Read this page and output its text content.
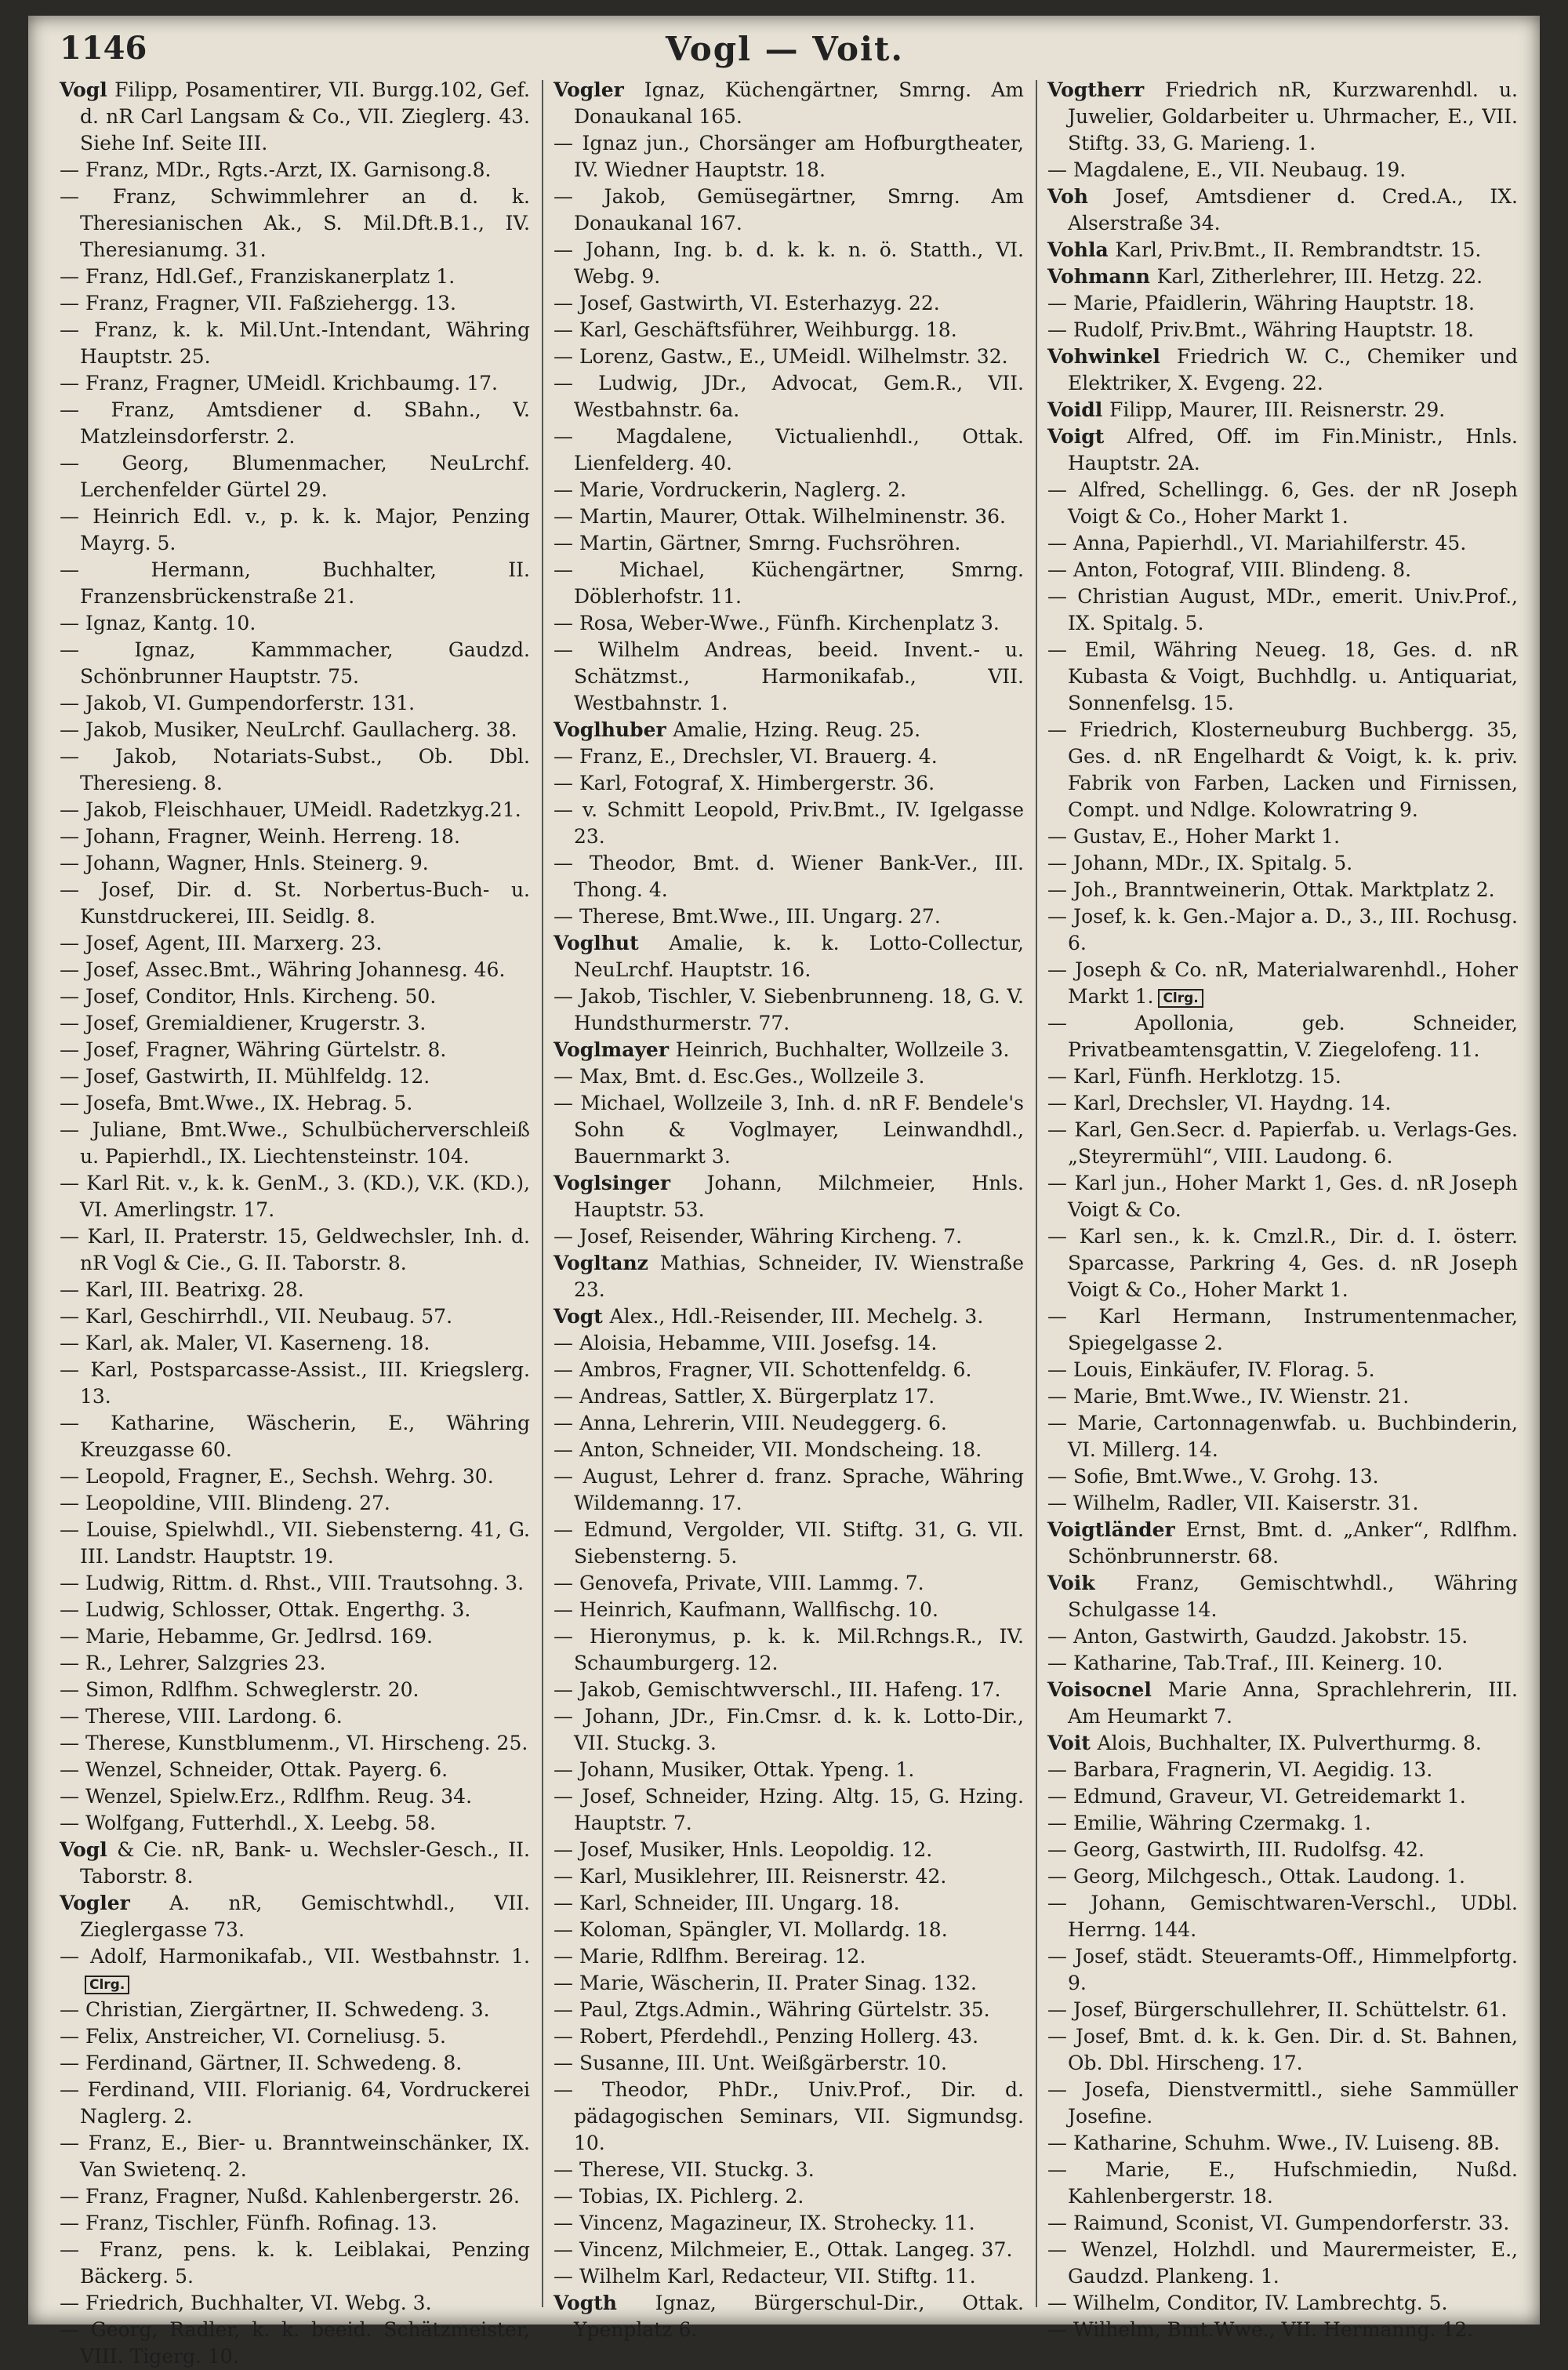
1146	Vogl — Voit.
Vogl Filipp, Posamentirer, VII. Burgg.102, Gef. d. nR Carl Langsam & Co., VII. Zieglerg. 43. Siehe Inf. Seite III.
— Franz, MDr., Rgts.-Arzt, IX. Garnisong.8.
— Franz, Schwimmlehrer an d. k. Theresianischen Ak., S. Mil.Dft.B.1., IV. Theresianumg. 31.
— Franz, Hdl.Gef., Franziskanerplatz 1.
— Franz, Fragner, VII. Faßziehergg. 13.
— Franz, k. k. Mil.Unt.-Intendant, Währing Hauptstr. 25.
— Franz, Fragner, UMeidl. Krichbaumg. 17.
— Franz, Amtsdiener d. SBahn., V. Matzleinsdorferstr. 2.
— Georg, Blumenmacher, NeuLrchf. Lerchenfelder Gürtel 29.
— Heinrich Edl. v., p. k. k. Major, Penzing Mayrg. 5.
— Hermann, Buchhalter, II. Franzensbrückenstraße 21.
— Ignaz, Kantg. 10.
— Ignaz, Kammmacher, Gaudzd. Schönbrunner Hauptstr. 75.
— Jakob, VI. Gumpendorferstr. 131.
— Jakob, Musiker, NeuLrchf. Gaullacherg. 38.
— Jakob, Notariats-Subst., Ob. Dbl. Theresieng. 8.
— Jakob, Fleischhauer, UMeidl. Radetzkyg.21.
— Johann, Fragner, Weinh. Herreng. 18.
— Johann, Wagner, Hnls. Steinerg. 9.
— Josef, Dir. d. St. Norbertus-Buch- u. Kunstdruckerei, III. Seidlg. 8.
— Josef, Agent, III. Marxerg. 23.
— Josef, Assec.Bmt., Währing Johannesg. 46.
— Josef, Conditor, Hnls. Kircheng. 50.
— Josef, Gremialdiener, Krugerstr. 3.
— Josef, Fragner, Währing Gürtelstr. 8.
— Josef, Gastwirth, II. Mühlfeldg. 12.
— Josefa, Bmt.Wwe., IX. Hebrag. 5.
— Juliane, Bmt.Wwe., Schulbücherverschleiß u. Papierhdl., IX. Liechtensteinstr. 104.
— Karl Rit. v., k. k. GenM., 3. (KD.), V.K. (KD.), VI. Amerlingstr. 17.
— Karl, II. Praterstr. 15, Geldwechsler, Inh. d. nR Vogl & Cie., G. II. Taborstr. 8.
— Karl, III. Beatrixg. 28.
— Karl, Geschirrhdl., VII. Neubaug. 57.
— Karl, ak. Maler, VI. Kaserneng. 18.
— Karl, Postsparcasse-Assist., III. Kriegslerg. 13.
— Katharine, Wäscherin, E., Währing Kreuzgasse 60.
— Leopold, Fragner, E., Sechsh. Wehrg. 30.
— Leopoldine, VIII. Blindeng. 27.
— Louise, Spielwhdl., VII. Siebensterng. 41, G. III. Landstr. Hauptstr. 19.
— Ludwig, Rittm. d. Rhst., VIII. Trautsohng. 3.
— Ludwig, Schlosser, Ottak. Engerthg. 3.
— Marie, Hebamme, Gr. Jedlrsd. 169.
— R., Lehrer, Salzgries 23.
— Simon, Rdlfhm. Schweglerstr. 20.
— Therese, VIII. Lardong. 6.
— Therese, Kunstblumenm., VI. Hirscheng. 25.
— Wenzel, Schneider, Ottak. Payerg. 6.
— Wenzel, Spielw.Erz., Rdlfhm. Reug. 34.
— Wolfgang, Futterhdl., X. Leebg. 58.
Vogl & Cie. nR, Bank- u. Wechsler-Gesch., II. Taborstr. 8.
Vogler A. nR, Gemischtwhdl., VII. Zieglergasse 73.
— Adolf, Harmonikafab., VII. Westbahnstr. 1.Clrg.
— Christian, Ziergärtner, II. Schwedeng. 3.
— Felix, Anstreicher, VI. Corneliusg. 5.
— Ferdinand, Gärtner, II. Schwedeng. 8.
— Ferdinand, VIII. Florianig. 64, Vordruckerei Naglerg. 2.
— Franz, E., Bier- u. Branntweinschänker, IX. Van Swietenq. 2.
— Franz, Fragner, Nußd. Kahlenbergerstr. 26.
— Franz, Tischler, Fünfh. Rofinag. 13.
— Franz, pens. k. k. Leiblakai, Penzing Bäckerg. 5.
— Friedrich, Buchhalter, VI. Webg. 3.
— Georg, Radler, k. k. beeid. Schätzmeister, VIII. Tigerg. 10.
Vogler Ignaz, Küchengärtner, Smrng. Am Donaukanal 165.
— Ignaz jun., Chorsänger am Hofburgtheater, IV. Wiedner Hauptstr. 18.
— Jakob, Gemüsegärtner, Smrng. Am Donaukanal 167.
— Johann, Ing. b. d. k. k. n. ö. Statth., VI. Webg. 9.
— Josef, Gastwirth, VI. Esterhazyg. 22.
— Karl, Geschäftsführer, Weihburgg. 18.
— Lorenz, Gastw., E., UMeidl. Wilhelmstr. 32.
— Ludwig, JDr., Advocat, Gem.R., VII. Westbahnstr. 6a.
— Magdalene, Victualienhdl., Ottak. Lienfelderg. 40.
— Marie, Vordruckerin, Naglerg. 2.
— Martin, Maurer, Ottak. Wilhelminenstr. 36.
— Martin, Gärtner, Smrng. Fuchsröhren.
— Michael, Küchengärtner, Smrng. Döblerhofstr. 11.
— Rosa, Weber-Wwe., Fünfh. Kirchenplatz 3.
— Wilhelm Andreas, beeid. Invent.- u. Schätzmst., Harmonikafab., VII. Westbahnstr. 1.
Voglhuber Amalie, Hzing. Reug. 25.
— Franz, E., Drechsler, VI. Brauerg. 4.
— Karl, Fotograf, X. Himbergerstr. 36.
— v. Schmitt Leopold, Priv.Bmt., IV. Igelgasse 23.
— Theodor, Bmt. d. Wiener Bank-Ver., III. Thong. 4.
— Therese, Bmt.Wwe., III. Ungarg. 27.
Voglhut Amalie, k. k. Lotto-Collectur, NeuLrchf. Hauptstr. 16.
— Jakob, Tischler, V. Siebenbrunneng. 18, G. V. Hundsthurmerstr. 77.
Voglmayer Heinrich, Buchhalter, Wollzeile 3.
— Max, Bmt. d. Esc.Ges., Wollzeile 3.
— Michael, Wollzeile 3, Inh. d. nR F. Bendele's Sohn & Voglmayer, Leinwandhdl., Bauernmarkt 3.
Voglsinger Johann, Milchmeier, Hnls. Hauptstr. 53.
— Josef, Reisender, Währing Kircheng. 7.
Vogltanz Mathias, Schneider, IV. Wienstraße 23.
Vogt Alex., Hdl.-Reisender, III. Mechelg. 3.
— Aloisia, Hebamme, VIII. Josefsg. 14.
— Ambros, Fragner, VII. Schottenfeldg. 6.
— Andreas, Sattler, X. Bürgerplatz 17.
— Anna, Lehrerin, VIII. Neudeggerg. 6.
— Anton, Schneider, VII. Mondscheing. 18.
— August, Lehrer d. franz. Sprache, Währing Wildemanng. 17.
— Edmund, Vergolder, VII. Stiftg. 31, G. VII. Siebensterng. 5.
— Genovefa, Private, VIII. Lammg. 7.
— Heinrich, Kaufmann, Wallfischg. 10.
— Hieronymus, p. k. k. Mil.Rchngs.R., IV. Schaumburgerg. 12.
— Jakob, Gemischtwverschl., III. Hafeng. 17.
— Johann, JDr., Fin.Cmsr. d. k. k. Lotto-Dir., VII. Stuckg. 3.
— Johann, Musiker, Ottak. Ypeng. 1.
— Josef, Schneider, Hzing. Altg. 15, G. Hzing. Hauptstr. 7.
— Josef, Musiker, Hnls. Leopoldig. 12.
— Karl, Musiklehrer, III. Reisnerstr. 42.
— Karl, Schneider, III. Ungarg. 18.
— Koloman, Spängler, VI. Mollardg. 18.
— Marie, Rdlfhm. Bereirag. 12.
— Marie, Wäscherin, II. Prater Sinag. 132.
— Paul, Ztgs.Admin., Währing Gürtelstr. 35.
— Robert, Pferdehdl., Penzing Hollerg. 43.
— Susanne, III. Unt. Weißgärberstr. 10.
— Theodor, PhDr., Univ.Prof., Dir. d. pädagogischen Seminars, VII. Sigmundsg. 10.
— Therese, VII. Stuckg. 3.
— Tobias, IX. Pichlerg. 2.
— Vincenz, Magazineur, IX. Strohecky. 11.
— Vincenz, Milchmeier, E., Ottak. Langeg. 37.
— Wilhelm Karl, Redacteur, VII. Stiftg. 11.
Vogth Ignaz, Bürgerschul-Dir., Ottak. Ypenplatz 6.
Vogtherr Friedrich nR, Kurzwarenhdl. u. Juwelier, Goldarbeiter u. Uhrmacher, E., VII. Stiftg. 33, G. Marieng. 1.
— Magdalene, E., VII. Neubaug. 19.
Voh Josef, Amtsdiener d. Cred.A., IX. Alserstraße 34.
Vohla Karl, Priv.Bmt., II. Rembrandtstr. 15.
Vohmann Karl, Zitherlehrer, III. Hetzg. 22.
— Marie, Pfaidlerin, Währing Hauptstr. 18.
— Rudolf, Priv.Bmt., Währing Hauptstr. 18.
Vohwinkel Friedrich W. C., Chemiker und Elektriker, X. Evgeng. 22.
Voidl Filipp, Maurer, III. Reisnerstr. 29.
Voigt Alfred, Off. im Fin.Ministr., Hnls. Hauptstr. 2A.
— Alfred, Schellingg. 6, Ges. der nR Joseph Voigt & Co., Hoher Markt 1.
— Anna, Papierhdl., VI. Mariahilferstr. 45.
— Anton, Fotograf, VIII. Blindeng. 8.
— Christian August, MDr., emerit. Univ.Prof., IX. Spitalg. 5.
— Emil, Währing Neueg. 18, Ges. d. nR Kubasta & Voigt, Buchhdlg. u. Antiquariat, Sonnenfelsg. 15.
— Friedrich, Klosterneuburg Buchbergg. 35, Ges. d. nR Engelhardt & Voigt, k. k. priv. Fabrik von Farben, Lacken und Firnissen, Compt. und Ndlge. Kolowratring 9.
— Gustav, E., Hoher Markt 1.
— Johann, MDr., IX. Spitalg. 5.
— Joh., Branntweinerin, Ottak. Marktplatz 2.
— Josef, k. k. Gen.-Major a. D., 3., III. Rochusg. 6.
— Joseph & Co. nR, Materialwarenhdl., Hoher Markt 1. Clrg.
— Apollonia, geb. Schneider, Privatbeamtensgattin, V. Ziegelofeng. 11.
— Karl, Fünfh. Herklotzg. 15.
— Karl, Drechsler, VI. Haydng. 14.
— Karl, Gen.Secr. d. Papierfab. u. Verlags-Ges. „Steyrermühl“, VIII. Laudong. 6.
— Karl jun., Hoher Markt 1, Ges. d. nR Joseph Voigt & Co.
— Karl sen., k. k. Cmzl.R., Dir. d. I. österr. Sparcasse, Parkring 4, Ges. d. nR Joseph Voigt & Co., Hoher Markt 1.
— Karl Hermann, Instrumentenmacher, Spiegelgasse 2.
— Louis, Einkäufer, IV. Florag. 5.
— Marie, Bmt.Wwe., IV. Wienstr. 21.
— Marie, Cartonnagenwfab. u. Buchbinderin, VI. Millerg. 14.
— Sofie, Bmt.Wwe., V. Grohg. 13.
— Wilhelm, Radler, VII. Kaiserstr. 31.
Voigtländer Ernst, Bmt. d. „Anker“, Rdlfhm. Schönbrunnerstr. 68.
Voik Franz, Gemischtwhdl., Währing Schulgasse 14.
— Anton, Gastwirth, Gaudzd. Jakobstr. 15.
— Katharine, Tab.Traf., III. Keinerg. 10.
Voisocnel Marie Anna, Sprachlehrerin, III. Am Heumarkt 7.
Voit Alois, Buchhalter, IX. Pulverthurmg. 8.
— Barbara, Fragnerin, VI. Aegidig. 13.
— Edmund, Graveur, VI. Getreidemarkt 1.
— Emilie, Währing Czermakg. 1.
— Georg, Gastwirth, III. Rudolfsg. 42.
— Georg, Milchgesch., Ottak. Laudong. 1.
— Johann, Gemischtwaren-Verschl., UDbl. Herrng. 144.
— Josef, städt. Steueramts-Off., Himmelpfortg. 9.
— Josef, Bürgerschullehrer, II. Schüttelstr. 61.
— Josef, Bmt. d. k. k. Gen. Dir. d. St. Bahnen, Ob. Dbl. Hirscheng. 17.
— Josefa, Dienstvermittl., siehe Sammüller Josefine.
— Katharine, Schuhm. Wwe., IV. Luiseng. 8B.
— Marie, E., Hufschmiedin, Nußd. Kahlenbergerstr. 18.
— Raimund, Sconist, VI. Gumpendorferstr. 33.
— Wenzel, Holzhdl. und Maurermeister, E., Gaudzd. Plankeng. 1.
— Wilhelm, Conditor, IV. Lambrechtg. 5.
— Wilhelm, Bmt.Wwe., VII. Hermanng. 12.
